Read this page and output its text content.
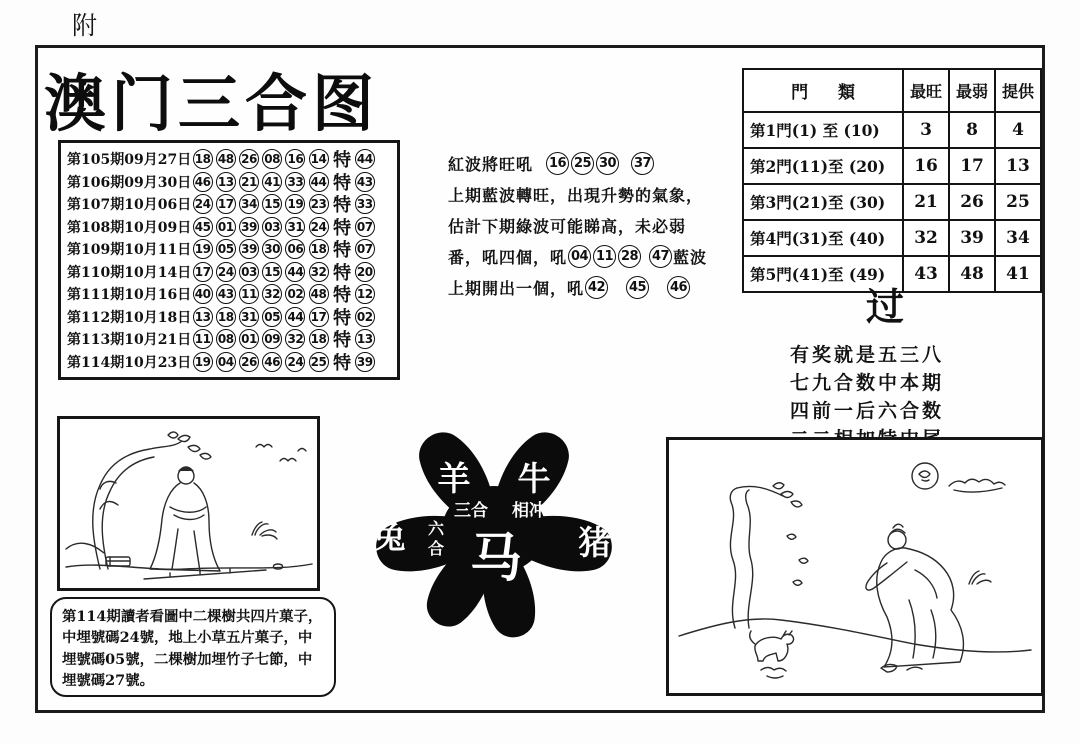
附
澳门三合图
第105期09月27日 18 48 26 08 16 14 特 44
第106期09月30日 46 13 21 41 33 44 特 43
第107期10月06日 24 17 34 15 19 23 特 33
第108期10月09日 45 01 39 03 31 24 特 07
第109期10月11日 19 05 39 30 06 18 特 07
第110期10月14日 17 24 03 15 44 32 特 20
第111期10月16日 40 43 11 32 02 48 特 12
第112期10月18日 13 18 31 05 44 17 特 02
第113期10月21日 11 08 01 09 32 18 特 13
第114期10月23日 19 04 26 46 24 25 特 39
紅波將旺吼 16 25 30 37
上期藍波轉旺，出現升勢的氣象，
估計下期綠波可能睇高，未必弱
番，吼四個，吼 04 11 28 47 藍波
上期開出一個，吼 42 45 46
門 類	最旺	最弱	提供
第1門(1) 至 (10)	3	8	4
第2門(11)至 (20)	16	17	13
第3門(21)至 (30)	21	26	25
第4門(31)至 (40)	32	39	34
第5門(41)至 (49)	43	48	41
过
有奖就是五三八
七九合数中本期
四前一后六合数
羊 牛
兔	猪
三合 相冲
六
合 马
第114期讀者看圖中二棵樹共四片菓子，中埋號碼24號，地上小草五片菓子，中埋號碼05號，二棵樹加埋竹子七節，中埋號碼27號。
